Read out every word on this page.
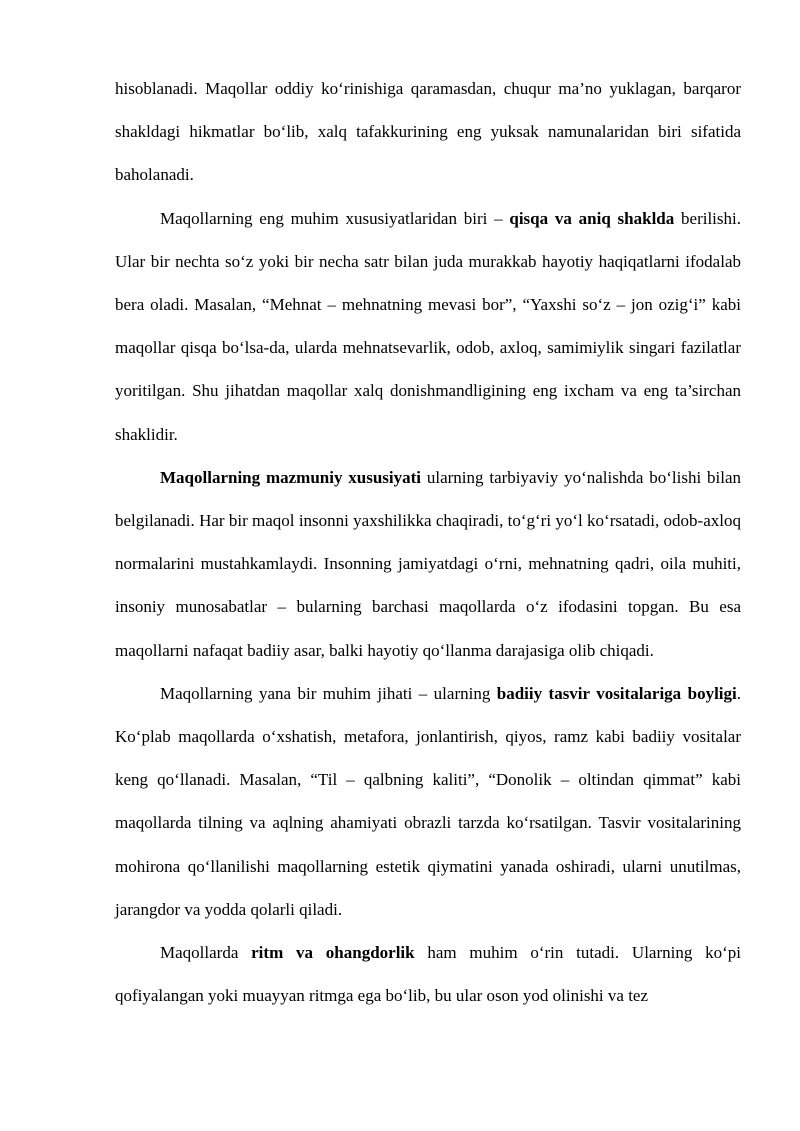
hisoblanadi. Maqollar oddiy ko‘rinishiga qaramasdan, chuqur ma’no yuklagan, barqaror shakldagi hikmatlar bo‘lib, xalq tafakkurining eng yuksak namunalaridan biri sifatida baholanadi.

Maqollarning eng muhim xususiyatlaridan biri – qisqa va aniq shaklda berilishi. Ular bir nechta so‘z yoki bir necha satr bilan juda murakkab hayotiy haqiqatlarni ifodalab bera oladi. Masalan, “Mehnat – mehnatning mevasi bor”, “Yaxshi so‘z – jon ozig‘i” kabi maqollar qisqa bo‘lsa-da, ularda mehnatsevarlik, odob, axloq, samimiylik singari fazilatlar yoritilgan. Shu jihatdan maqollar xalq donishmandligining eng ixcham va eng ta’sirchan shaklidir.

Maqollarning mazmuniy xususiyati ularning tarbiyaviy yo‘nalishda bo‘lishi bilan belgilanadi. Har bir maqol insonni yaxshilikka chaqiradi, to‘g‘ri yo‘l ko‘rsatadi, odob-axloq normalarini mustahkamlaydi. Insonning jamiyatdagi o‘rni, mehnatning qadri, oila muhiti, insoniy munosabatlar – bularning barchasi maqollarda o‘z ifodasini topgan. Bu esa maqollarni nafaqat badiiy asar, balki hayotiy qo‘llanma darajasiga olib chiqadi.

Maqollarning yana bir muhim jihati – ularning badiiy tasvir vositalariga boyligi. Ko‘plab maqollarda o‘xshatish, metafora, jonlantirish, qiyos, ramz kabi badiiy vositalar keng qo‘llanadi. Masalan, “Til – qalbning kaliti”, “Donolik – oltindan qimmat” kabi maqollarda tilning va aqlning ahamiyati obrazli tarzda ko‘rsatilgan. Tasvir vositalarining mohirona qo‘llanilishi maqollarning estetik qiymatini yanada oshiradi, ularni unutilmas, jarangdor va yodda qolarli qiladi.

Maqollarda ritm va ohangdorlik ham muhim o‘rin tutadi. Ularning ko‘pi qofiyalangan yoki muayyan ritmga ega bo‘lib, bu ular oson yod olinishi va tez
